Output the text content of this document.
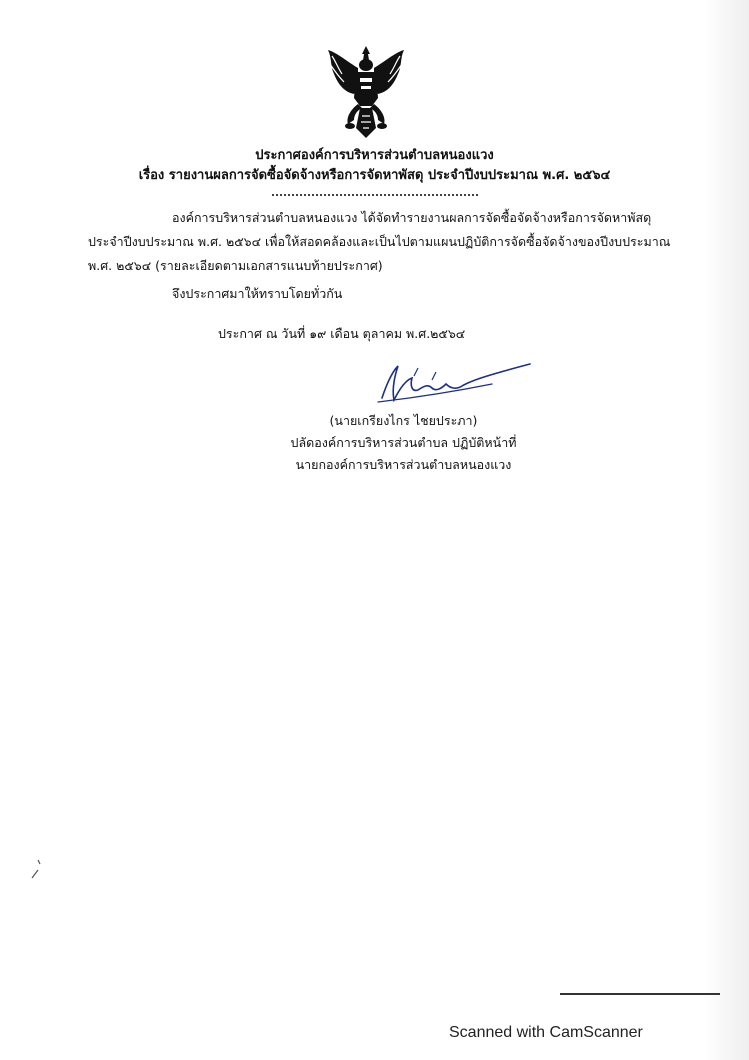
ประกาศองค์การบริหารส่วนตำบลหนองแวง
เรื่อง รายงานผลการจัดซื้อจัดจ้างหรือการจัดหาพัสดุ ประจำปีงบประมาณ พ.ศ. ๒๕๖๔
องค์การบริหารส่วนตำบลหนองแวง ได้จัดทำรายงานผลการจัดซื้อจัดจ้างหรือการจัดหาพัสดุ
ประจำปีงบประมาณ พ.ศ. ๒๕๖๔ เพื่อให้สอดคล้องและเป็นไปตามแผนปฏิบัติการจัดซื้อจัดจ้างของปีงบประมาณ
พ.ศ. ๒๕๖๔ (รายละเอียดตามเอกสารแนบท้ายประกาศ)
จึงประกาศมาให้ทราบโดยทั่วกัน
ประกาศ ณ วันที่ ๑๙ เดือน ตุลาคม พ.ศ.๒๕๖๔
(นายเกรียงไกร ไชยประภา)
ปลัดองค์การบริหารส่วนตำบล ปฏิบัติหน้าที่
นายกองค์การบริหารส่วนตำบลหนองแวง
Scanned with CamScanner
